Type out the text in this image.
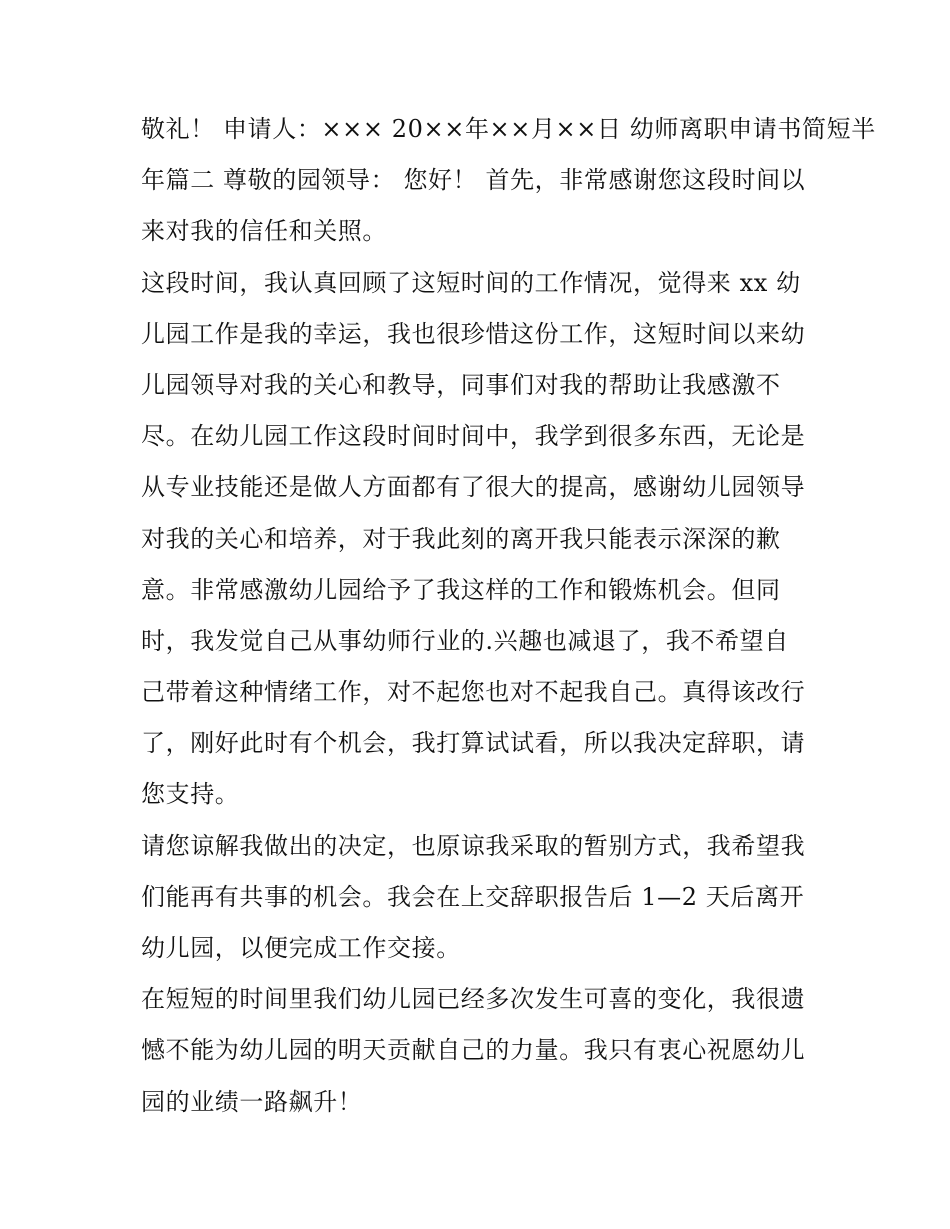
敬礼！ 申请人：××× 20××年××月××日 幼师离职申请书简短半
年篇二 尊敬的园领导： 您好！ 首先，非常感谢您这段时间以
来对我的信任和关照。
这段时间，我认真回顾了这短时间的工作情况，觉得来 xx 幼
儿园工作是我的幸运，我也很珍惜这份工作，这短时间以来幼
儿园领导对我的关心和教导，同事们对我的帮助让我感激不
尽。在幼儿园工作这段时间时间中，我学到很多东西，无论是
从专业技能还是做人方面都有了很大的提高，感谢幼儿园领导
对我的关心和培养，对于我此刻的离开我只能表示深深的歉
意。非常感激幼儿园给予了我这样的工作和锻炼机会。但同
时，我发觉自己从事幼师行业的.兴趣也减退了，我不希望自
己带着这种情绪工作，对不起您也对不起我自己。真得该改行
了，刚好此时有个机会，我打算试试看，所以我决定辞职，请
您支持。
请您谅解我做出的决定，也原谅我采取的暂别方式，我希望我
们能再有共事的机会。我会在上交辞职报告后 1—2 天后离开
幼儿园，以便完成工作交接。
在短短的时间里我们幼儿园已经多次发生可喜的变化，我很遗
憾不能为幼儿园的明天贡献自己的力量。我只有衷心祝愿幼儿
园的业绩一路飙升！
